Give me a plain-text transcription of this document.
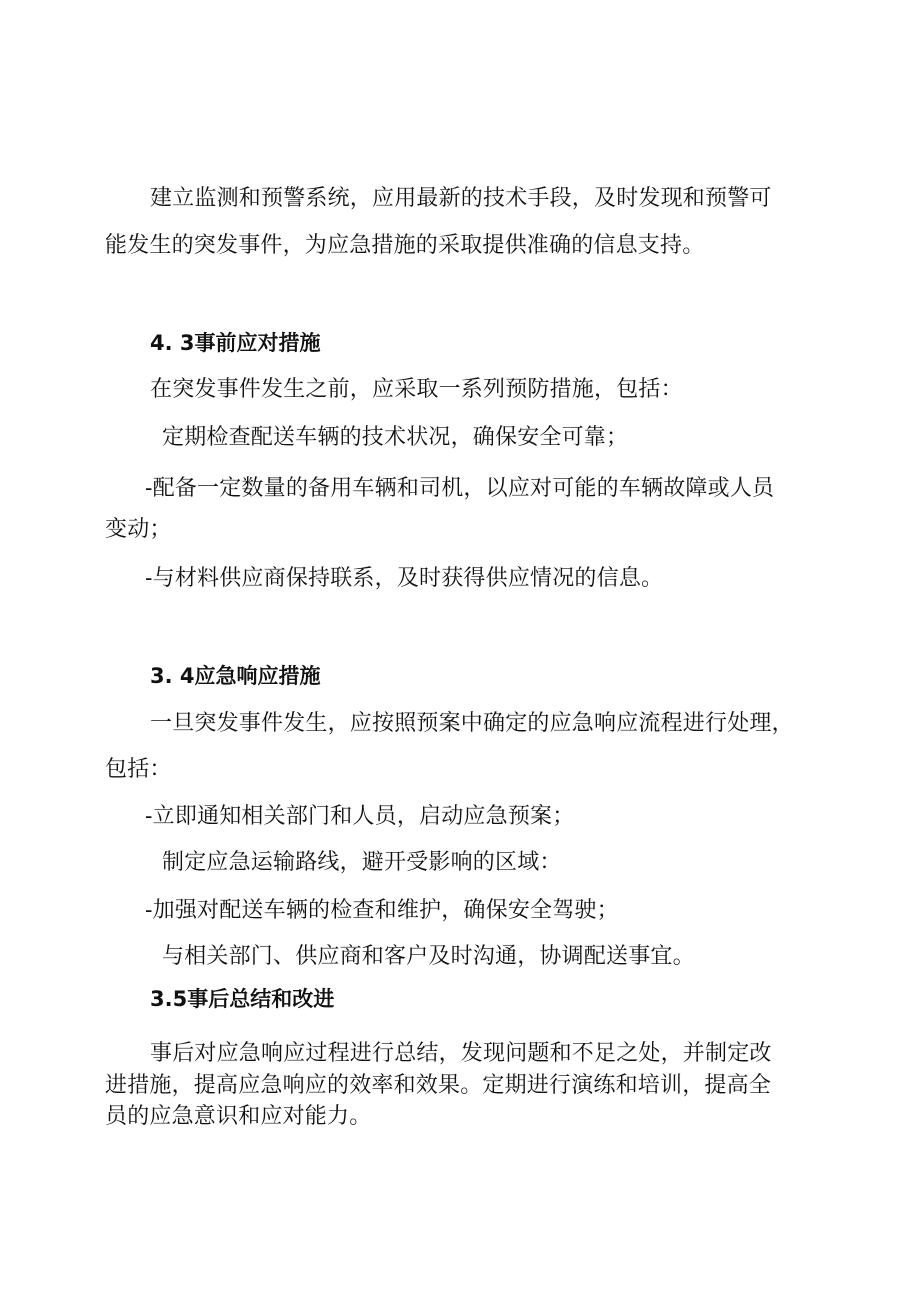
建立监测和预警系统，应用最新的技术手段，及时发现和预警可
能发生的突发事件，为应急措施的采取提供准确的信息支持。
4. 3事前应对措施
在突发事件发生之前，应采取一系列预防措施，包括：
定期检查配送车辆的技术状况，确保安全可靠；
-配备一定数量的备用车辆和司机，以应对可能的车辆故障或人员
变动；
-与材料供应商保持联系，及时获得供应情况的信息。
3. 4应急响应措施
一旦突发事件发生，应按照预案中确定的应急响应流程进行处理，
包括：
-立即通知相关部门和人员，启动应急预案；
制定应急运输路线，避开受影响的区域：
-加强对配送车辆的检查和维护，确保安全驾驶；
与相关部门、供应商和客户及时沟通，协调配送事宜。
3.5事后总结和改进
事后对应急响应过程进行总结，发现问题和不足之处，并制定改
进措施，提高应急响应的效率和效果。定期进行演练和培训，提高全
员的应急意识和应对能力。
